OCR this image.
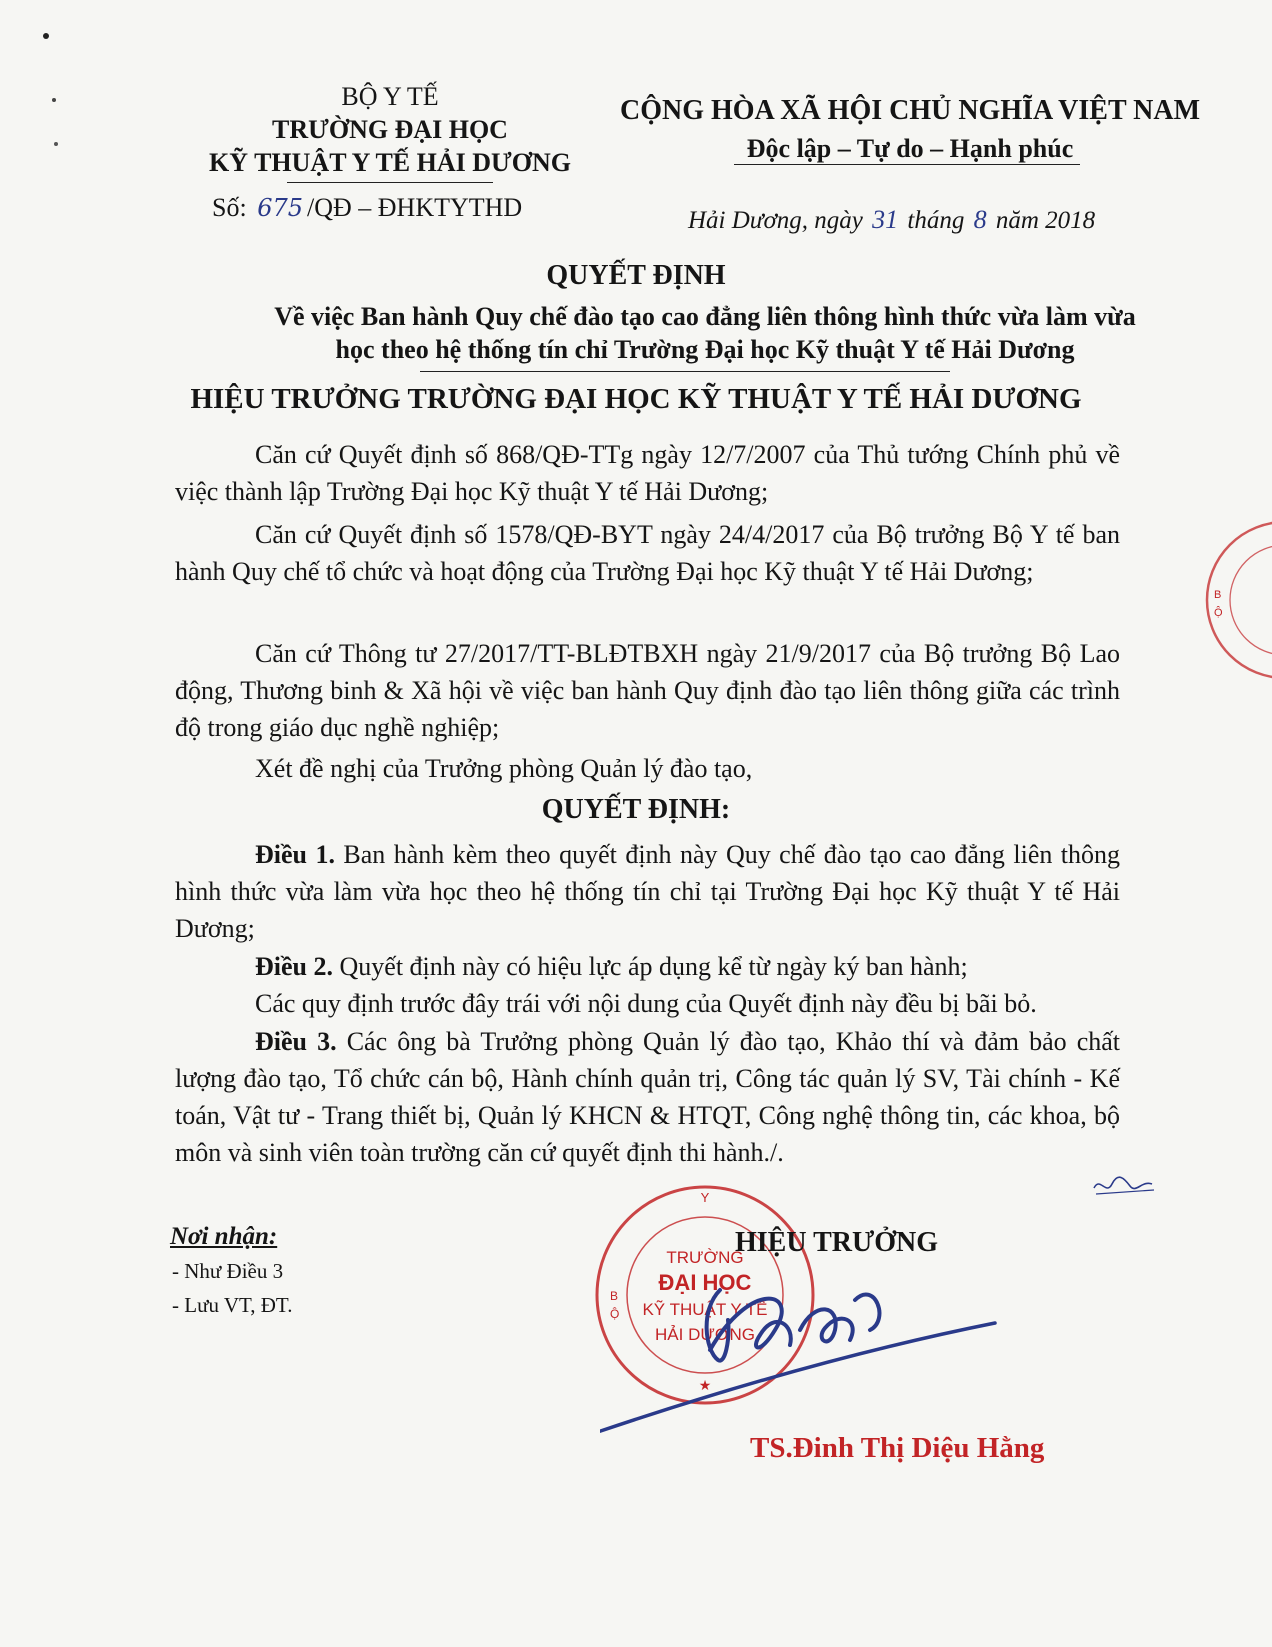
BỘ Y TẾ
TRƯỜNG ĐẠI HỌC
KỸ THUẬT Y TẾ HẢI DƯƠNG
Số: 675 /QĐ – ĐHKTYTHD
CỘNG HÒA XÃ HỘI CHỦ NGHĨA VIỆT NAM
Độc lập – Tự do – Hạnh phúc
Hải Dương, ngày 31 tháng 8 năm 2018
QUYẾT ĐỊNH
Về việc Ban hành Quy chế đào tạo cao đẳng liên thông hình thức vừa làm vừa học theo hệ thống tín chỉ Trường Đại học Kỹ thuật Y tế Hải Dương
HIỆU TRƯỞNG TRƯỜNG ĐẠI HỌC KỸ THUẬT Y TẾ HẢI DƯƠNG
Căn cứ Quyết định số 868/QĐ-TTg ngày 12/7/2007 của Thủ tướng Chính phủ về việc thành lập Trường Đại học Kỹ thuật Y tế Hải Dương;
Căn cứ Quyết định số 1578/QĐ-BYT ngày 24/4/2017 của Bộ trưởng Bộ Y tế ban hành Quy chế tổ chức và hoạt động của Trường Đại học Kỹ thuật Y tế Hải Dương;
Căn cứ Thông tư 27/2017/TT-BLĐTBXH ngày 21/9/2017 của Bộ trưởng Bộ Lao động, Thương binh & Xã hội về việc ban hành Quy định đào tạo liên thông giữa các trình độ trong giáo dục nghề nghiệp;
Xét đề nghị của Trưởng phòng Quản lý đào tạo,
QUYẾT ĐỊNH:
Điều 1. Ban hành kèm theo quyết định này Quy chế đào tạo cao đẳng liên thông hình thức vừa làm vừa học theo hệ thống tín chỉ tại Trường Đại học Kỹ thuật Y tế Hải Dương;
Điều 2. Quyết định này có hiệu lực áp dụng kể từ ngày ký ban hành;
Các quy định trước đây trái với nội dung của Quyết định này đều bị bãi bỏ.
Điều 3. Các ông bà Trưởng phòng Quản lý đào tạo, Khảo thí và đảm bảo chất lượng đào tạo, Tổ chức cán bộ, Hành chính quản trị, Công tác quản lý SV, Tài chính - Kế toán, Vật tư - Trang thiết bị, Quản lý KHCN & HTQT, Công nghệ thông tin, các khoa, bộ môn và sinh viên toàn trường căn cứ quyết định thi hành./.
Nơi nhận:
- Như Điều 3
- Lưu VT, ĐT.
Y
B
Ộ
★
TRƯỜNG
ĐẠI HỌC
KỸ THUẬT Y TẾ
HẢI DƯƠNG
HIỆU TRƯỞNG
TS.Đinh Thị Diệu Hằng
B
Ộ
